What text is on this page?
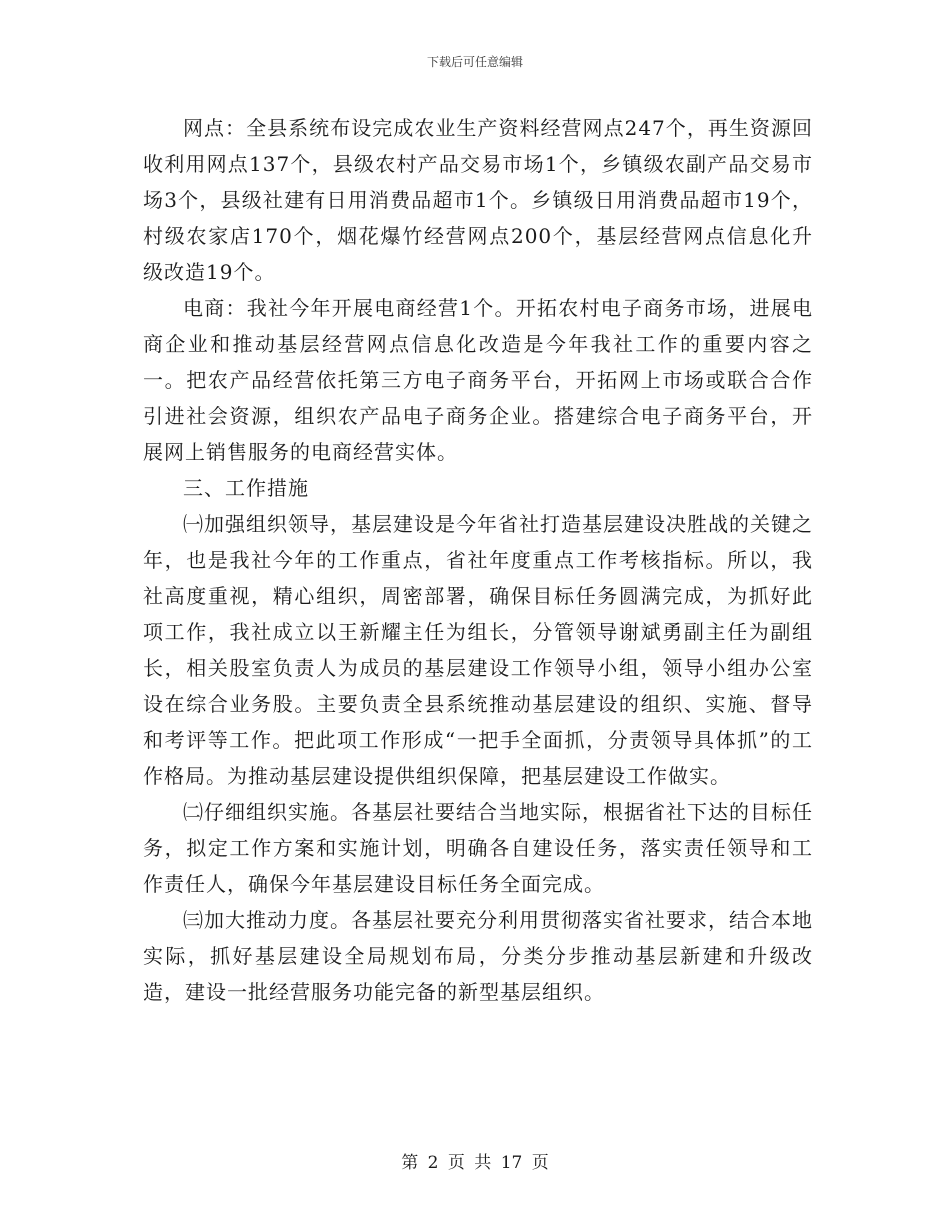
下载后可任意编辑

网点：全县系统布设完成农业生产资料经营网点247个，再生资源回收利用网点137个，县级农村产品交易市场1个，乡镇级农副产品交易市场3个，县级社建有日用消费品超市1个。乡镇级日用消费品超市19个，村级农家店170个，烟花爆竹经营网点200个，基层经营网点信息化升级改造19个。

电商：我社今年开展电商经营1个。开拓农村电子商务市场，进展电商企业和推动基层经营网点信息化改造是今年我社工作的重要内容之一。把农产品经营依托第三方电子商务平台，开拓网上市场或联合合作引进社会资源，组织农产品电子商务企业。搭建综合电子商务平台，开展网上销售服务的电商经营实体。

三、工作措施

㈠加强组织领导，基层建设是今年省社打造基层建设决胜战的关键之年，也是我社今年的工作重点，省社年度重点工作考核指标。所以，我社高度重视，精心组织，周密部署，确保目标任务圆满完成，为抓好此项工作，我社成立以王新耀主任为组长，分管领导谢斌勇副主任为副组长，相关股室负责人为成员的基层建设工作领导小组，领导小组办公室设在综合业务股。主要负责全县系统推动基层建设的组织、实施、督导和考评等工作。把此项工作形成“一把手全面抓，分责领导具体抓”的工作格局。为推动基层建设提供组织保障，把基层建设工作做实。

㈡仔细组织实施。各基层社要结合当地实际，根据省社下达的目标任务，拟定工作方案和实施计划，明确各自建设任务，落实责任领导和工作责任人，确保今年基层建设目标任务全面完成。

㈢加大推动力度。各基层社要充分利用贯彻落实省社要求，结合本地实际，抓好基层建设全局规划布局，分类分步推动基层新建和升级改造，建设一批经营服务功能完备的新型基层组织。

第 2 页 共 17 页
